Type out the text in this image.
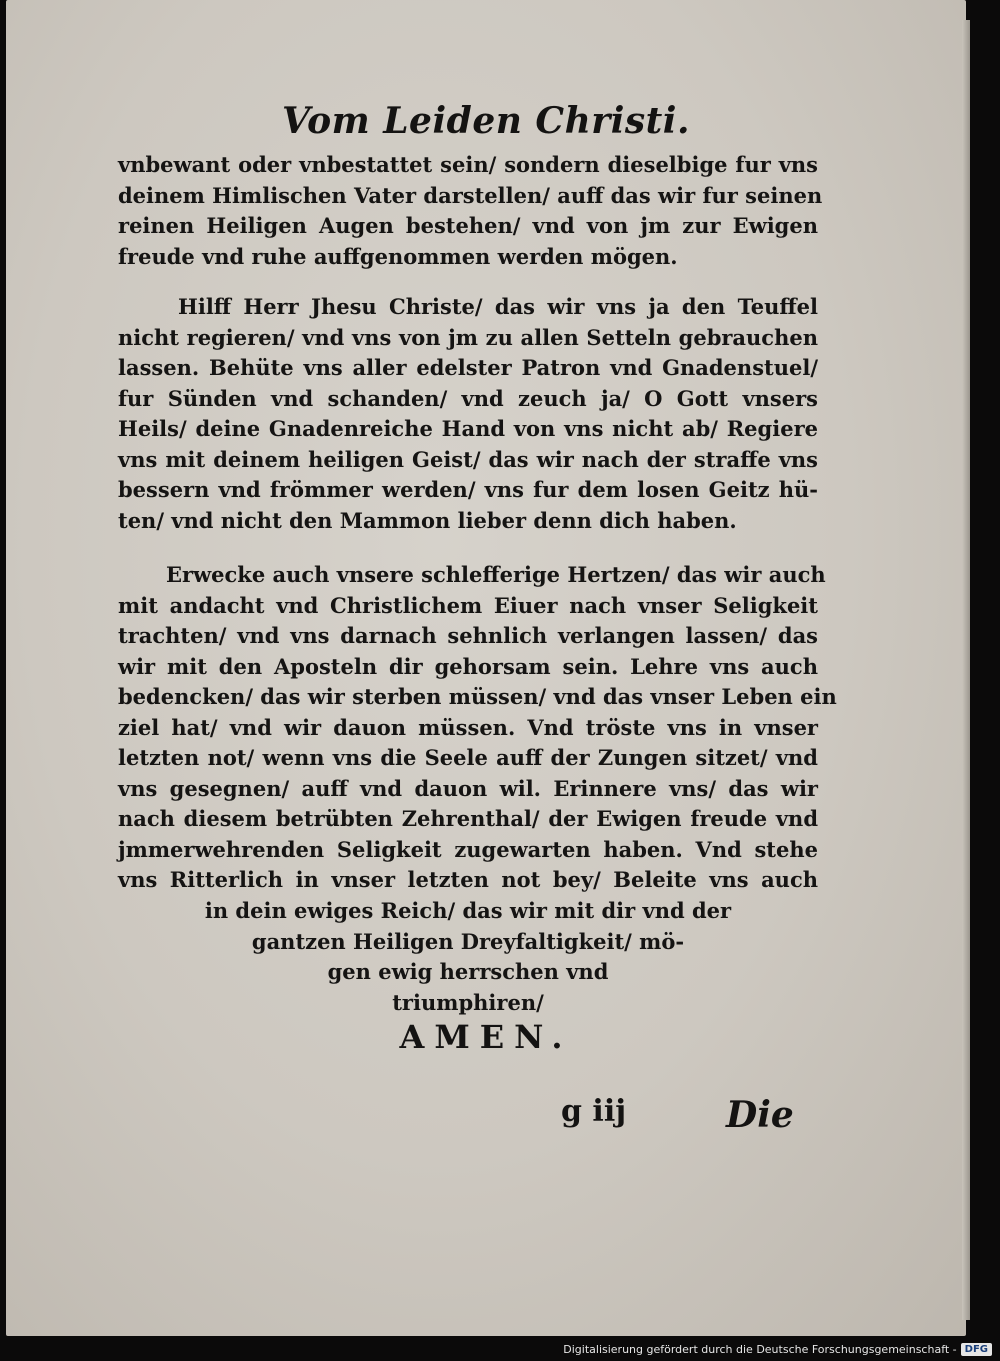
Vom Leiden Christi.
vnbewant oder vnbestattet sein/ sondern dieselbige fur vns
deinem Himlischen Vater darstellen/ auff das wir fur seinen
reinen Heiligen Augen bestehen/ vnd von jm zur Ewigen
freude vnd ruhe auffgenommen werden mögen.
Hilff Herr Jhesu Christe/ das wir vns ja den Teuffel
nicht regieren/ vnd vns von jm zu allen Setteln gebrauchen
lassen. Behüte vns aller edelster Patron vnd Gnadenstuel/
fur Sünden vnd schanden/ vnd zeuch ja/ O Gott vnsers
Heils/ deine Gnadenreiche Hand von vns nicht ab/ Regiere
vns mit deinem heiligen Geist/ das wir nach der straffe vns
bessern vnd frömmer werden/ vns fur dem losen Geitz hü-
ten/ vnd nicht den Mammon lieber denn dich haben.
Erwecke auch vnsere schlefferige Hertzen/ das wir auch
mit andacht vnd Christlichem Eiuer nach vnser Seligkeit
trachten/ vnd vns darnach sehnlich verlangen lassen/ das
wir mit den Aposteln dir gehorsam sein. Lehre vns auch
bedencken/ das wir sterben müssen/ vnd das vnser Leben ein
ziel hat/ vnd wir dauon müssen. Vnd tröste vns in vnser
letzten not/ wenn vns die Seele auff der Zungen sitzet/ vnd
vns gesegnen/ auff vnd dauon wil. Erinnere vns/ das wir
nach diesem betrübten Zehrenthal/ der Ewigen freude vnd
jmmerwehrenden Seligkeit zugewarten haben. Vnd stehe
vns Ritterlich in vnser letzten not bey/ Beleite vns auch
in dein ewiges Reich/ das wir mit dir vnd der
gantzen Heiligen Dreyfaltigkeit/ mö-
gen ewig herrschen vnd
triumphiren/
AMEN.
g iij	Die
Digitalisierung gefördert durch die Deutsche Forschungsgemeinschaft - DFG
